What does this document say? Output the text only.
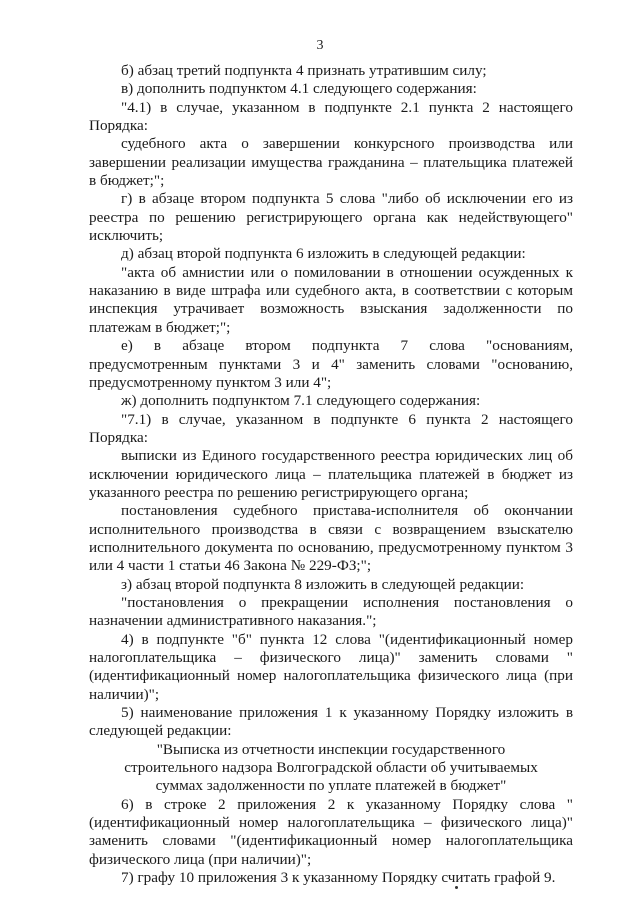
3

б) абзац третий подпункта 4 признать утратившим силу;

в) дополнить подпунктом 4.1 следующего содержания:

"4.1) в случае, указанном в подпункте 2.1 пункта 2 настоящего Порядка:

судебного акта о завершении конкурсного производства или завершении реализации имущества гражданина – плательщика платежей в бюджет;";

г) в абзаце втором подпункта 5 слова "либо об исключении его из реестра по решению регистрирующего органа как недействующего" исключить;

д) абзац второй подпункта 6 изложить в следующей редакции:

"акта об амнистии или о помиловании в отношении осужденных к наказанию в виде штрафа или судебного акта, в соответствии с которым инспекция утрачивает возможность взыскания задолженности по платежам в бюджет;";

е) в абзаце втором подпункта 7 слова "основаниям, предусмотренным пунктами 3 и 4" заменить словами "основанию, предусмотренному пунктом 3 или 4";

ж) дополнить подпунктом 7.1 следующего содержания:

"7.1) в случае, указанном в подпункте 6 пункта 2 настоящего Порядка:

выписки из Единого государственного реестра юридических лиц об исключении юридического лица – плательщика платежей в бюджет из указанного реестра по решению регистрирующего органа;

постановления судебного пристава-исполнителя об окончании исполнительного производства в связи с возвращением взыскателю исполнительного документа по основанию, предусмотренному пунктом 3 или 4 части 1 статьи 46 Закона № 229-ФЗ;";

з) абзац второй подпункта 8 изложить в следующей редакции:

"постановления о прекращении исполнения постановления о назначении административного наказания.";

4) в подпункте "б" пункта 12 слова "(идентификационный номер налогоплательщика – физического лица)" заменить словами "(идентификационный номер налогоплательщика физического лица (при наличии)";

5) наименование приложения 1 к указанному Порядку изложить в следующей редакции:

"Выписка из отчетности инспекции государственного

строительного надзора Волгоградской области об учитываемых

суммах задолженности по уплате платежей в бюджет"

6) в строке 2 приложения 2 к указанному Порядку слова "(идентификационный номер налогоплательщика – физического лица)" заменить словами "(идентификационный номер налогоплательщика физического лица (при наличии)";

7) графу 10 приложения 3 к указанному Порядку считать графой 9.
